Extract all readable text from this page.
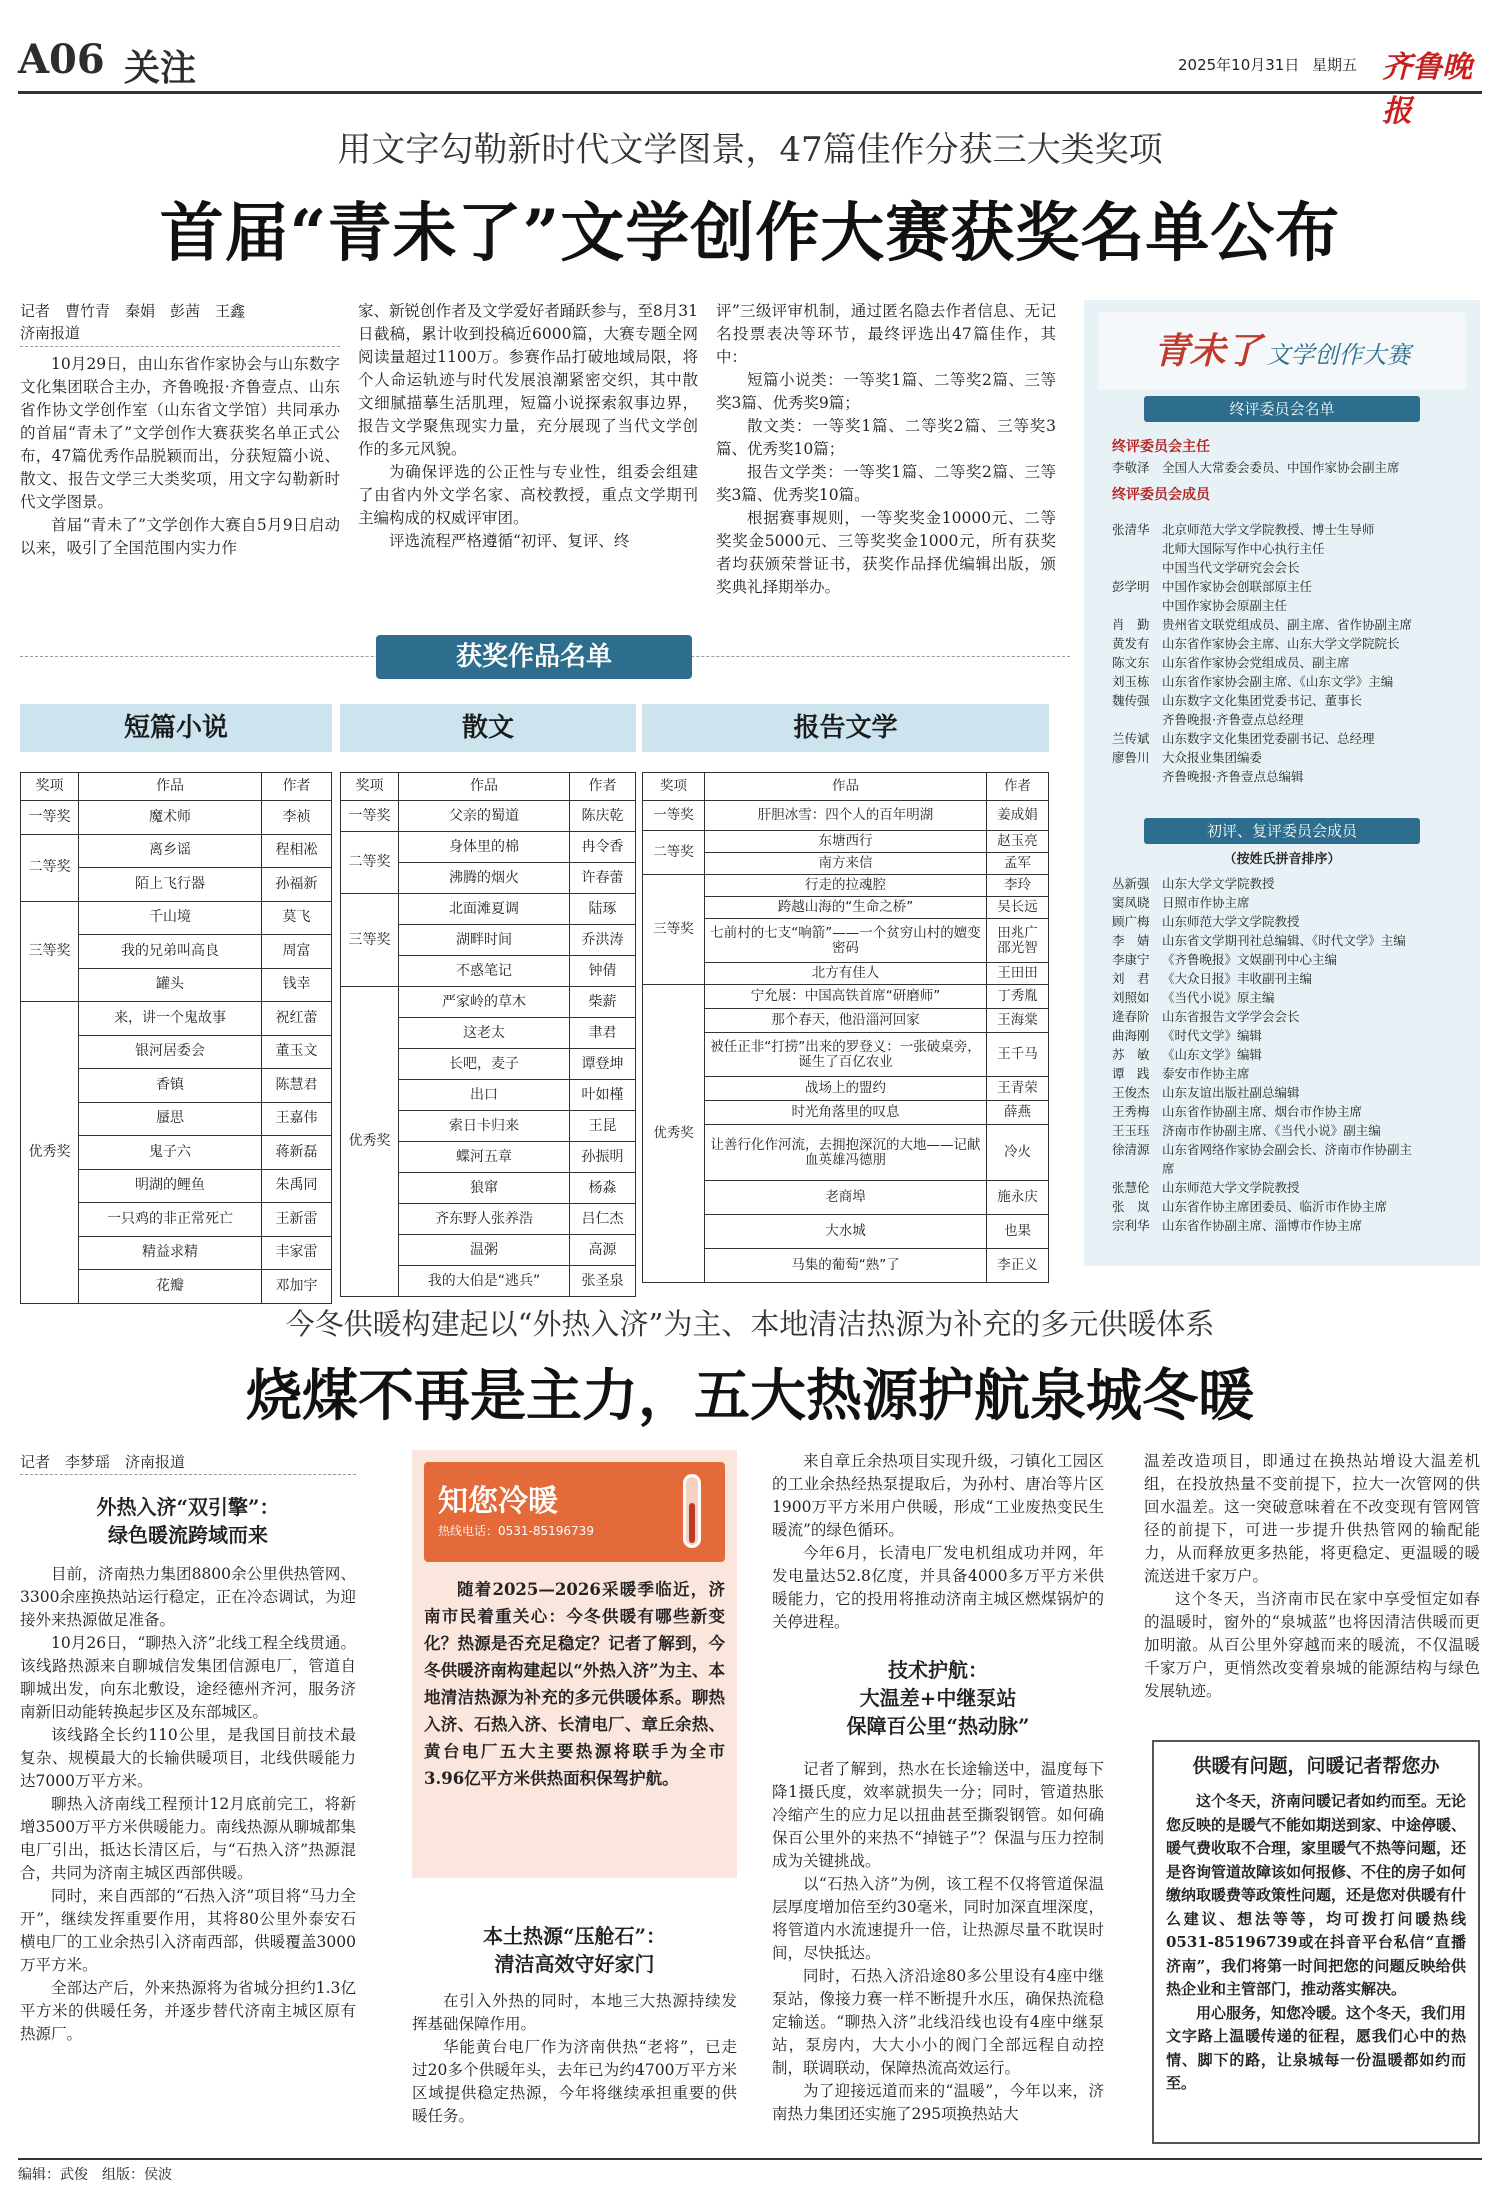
A06 关注	2025年10月31日 星期五 齐鲁晚报
用文字勾勒新时代文学图景，47篇佳作分获三大类奖项
首届“青未了”文学创作大赛获奖名单公布
记者　曹竹青　秦娟　彭茜　王鑫
济南报道

10月29日，由山东省作家协会与山东数字文化集团联合主办，齐鲁晚报·齐鲁壹点、山东省作协文学创作室（山东省文学馆）共同承办的首届“青未了”文学创作大赛获奖名单正式公布，47篇优秀作品脱颖而出，分获短篇小说、散文、报告文学三大类奖项，用文字勾勒新时代文学图景。

首届“青未了”文学创作大赛自5月9日启动以来，吸引了全国范围内实力作

家、新锐创作者及文学爱好者踊跃参与，至8月31日截稿，累计收到投稿近6000篇，大赛专题全网阅读量超过1100万。参赛作品打破地域局限，将个人命运轨迹与时代发展浪潮紧密交织，其中散文细腻描摹生活肌理，短篇小说探索叙事边界，报告文学聚焦现实力量，充分展现了当代文学创作的多元风貌。

为确保评选的公正性与专业性，组委会组建了由省内外文学名家、高校教授，重点文学期刊主编构成的权威评审团。

评选流程严格遵循“初评、复评、终

评”三级评审机制，通过匿名隐去作者信息、无记名投票表决等环节，最终评选出47篇佳作，其中：

短篇小说类：一等奖1篇、二等奖2篇、三等奖3篇、优秀奖9篇；

散文类：一等奖1篇、二等奖2篇、三等奖3篇、优秀奖10篇；

报告文学类：一等奖1篇、二等奖2篇、三等奖3篇、优秀奖10篇。

根据赛事规则，一等奖奖金10000元、二等奖奖金5000元、三等奖奖金1000元，所有获奖者均获颁荣誉证书，获奖作品择优编辑出版，颁奖典礼择期举办。

获奖作品名单
短篇小说	散文	报告文学
奖项	作品	作者
一等奖	魔术师	李祯
二等奖	离乡谣	程相凇
	陌上飞行器	孙福新
三等奖	千山境	莫飞
	我的兄弟叫高良	周富
	罐头	钱幸
优秀奖	来，讲一个鬼故事	祝红蕾
	银河居委会	董玉文
	香镇	陈慧君
	蜃思	王嘉伟
	鬼子六	蒋新磊
	明湖的鲤鱼	朱禹同
	一只鸡的非正常死亡	王新雷
	精益求精	丰家雷
	花瓣	邓加宇
奖项	作品	作者
一等奖	父亲的蜀道	陈庆乾
二等奖	身体里的棉	冉令香
	沸腾的烟火	许春蕾
三等奖	北面滩夏调	陆琢
	湖畔时间	乔洪涛
	不惑笔记	钟倩
优秀奖	严家岭的草木	柴薪
	这老太	聿君
	长吧，麦子	谭登坤
	出口	叶如槿
	索日卡归来	王昆
	蝶河五章	孙振明
	狼窜	杨淼
	齐东野人张养浩	吕仁杰
	温粥	高源
	我的大伯是“逃兵”	张圣泉
奖项	作品	作者
一等奖	肝胆冰雪：四个人的百年明湖	姜成娟
二等奖	东塘西行	赵玉亮
	南方来信	孟军
三等奖	行走的拉魂腔	李玲
	跨越山海的“生命之桥”	吴长远
	七前村的七支“响箭”——一个贫穷山村的嬗变密码	田兆广 邵光智
	北方有佳人	王田田
优秀奖	宁允展：中国高铁首席“研磨师”	丁秀胤
	那个春天，他沿淄河回家	王海棠
	被任正非“打捞”出来的罗登义：一张破桌旁，诞生了百亿农业	王千马
	战场上的盟约	王青荣
	时光角落里的叹息	薛燕
	让善行化作河流，去拥抱深沉的大地——记献血英雄冯德朋	冷火
	老商埠	施永庆
	大水城	也果
	马集的葡萄“熟”了	李正义
青未了 文学创作大赛
终评委员会名单
终评委员会主任
李敬泽 全国人大常委会委员、中国作家协会副主席
终评委员会成员
张清华 北京师范大学文学院教授、博士生导师
北师大国际写作中心执行主任
中国当代文学研究会会长
彭学明 中国作家协会创联部原主任
中国作家协会原副主任
肖　勤 贵州省文联党组成员、副主席、省作协副主席
黄发有 山东省作家协会主席、山东大学文学院院长
陈文东 山东省作家协会党组成员、副主席
刘玉栋 山东省作家协会副主席、《山东文学》主编
魏传强 山东数字文化集团党委书记、董事长
齐鲁晚报·齐鲁壹点总经理
兰传斌 山东数字文化集团党委副书记、总经理
廖鲁川 大众报业集团编委
齐鲁晚报·齐鲁壹点总编辑
初评、复评委员会成员
（按姓氏拼音排序）
丛新强 山东大学文学院教授
窦凤晓 日照市作协主席
顾广梅 山东师范大学文学院教授
李　婧 山东省文学期刊社总编辑、《时代文学》主编
李康宁 《齐鲁晚报》文娱副刊中心主编
刘　君 《大众日报》丰收副刊主编
刘照如 《当代小说》原主编
逄春阶 山东省报告文学学会会长
曲海刚 《时代文学》编辑
苏　敏 《山东文学》编辑
谭　践 泰安市作协主席
王俊杰 山东友谊出版社副总编辑
王秀梅 山东省作协副主席、烟台市作协主席
王玉珏 济南市作协副主席、《当代小说》副主编
徐清源 山东省网络作家协会副会长、济南市作协副主席
张慧伦 山东师范大学文学院教授
张　岚 山东省作协主席团委员、临沂市作协主席
宗利华 山东省作协副主席、淄博市作协主席
今冬供暖构建起以“外热入济”为主、本地清洁热源为补充的多元供暖体系
烧煤不再是主力，五大热源护航泉城冬暖
记者　李梦瑶　济南报道
外热入济“双引擎”：
绿色暖流跨域而来

目前，济南热力集团8800余公里供热管网、3300余座换热站运行稳定，正在冷态调试，为迎接外来热源做足准备。

10月26日，“聊热入济”北线工程全线贯通。该线路热源来自聊城信发集团信源电厂，管道自聊城出发，向东北敷设，途经德州齐河，服务济南新旧动能转换起步区及东部城区。

该线路全长约110公里，是我国目前技术最复杂、规模最大的长输供暖项目，北线供暖能力达7000万平方米。

聊热入济南线工程预计12月底前完工，将新增3500万平方米供暖能力。南线热源从聊城都集电厂引出，抵达长清区后，与“石热入济”热源混合，共同为济南主城区西部供暖。

同时，来自西部的“石热入济”项目将“马力全开”，继续发挥重要作用，其将80公里外泰安石横电厂的工业余热引入济南西部，供暖覆盖3000万平方米。

全部达产后，外来热源将为省城分担约1.3亿平方米的供暖任务，并逐步替代济南主城区原有热源厂。

知您冷暖
热线电话：0531-85196739

随着2025—2026采暖季临近，济南市民着重关心：今冬供暖有哪些新变化？热源是否充足稳定？记者了解到，今冬供暖济南构建起以“外热入济”为主、本地清洁热源为补充的多元供暖体系。聊热入济、石热入济、长清电厂、章丘余热、黄台电厂五大主要热源将联手为全市3.96亿平方米供热面积保驾护航。

本土热源“压舱石”：
清洁高效守好家门

在引入外热的同时，本地三大热源持续发挥基础保障作用。

华能黄台电厂作为济南供热“老将”，已走过20多个供暖年头，去年已为约4700万平方米区域提供稳定热源，今年将继续承担重要的供暖任务。

来自章丘余热项目实现升级，刁镇化工园区的工业余热经热泵提取后，为孙村、唐冶等片区1900万平方米用户供暖，形成“工业废热变民生暖流”的绿色循环。

今年6月，长清电厂发电机组成功并网，年发电量达52.8亿度，并具备4000多万平方米供暖能力，它的投用将推动济南主城区燃煤锅炉的关停进程。

技术护航：
大温差+中继泵站
保障百公里“热动脉”

记者了解到，热水在长途输送中，温度每下降1摄氏度，效率就损失一分；同时，管道热胀冷缩产生的应力足以扭曲甚至撕裂钢管。如何确保百公里外的来热不“掉链子”？保温与压力控制成为关键挑战。

以“石热入济”为例，该工程不仅将管道保温层厚度增加倍至约30毫米，同时加深直埋深度，将管道内水流速提升一倍，让热源尽量不耽误时间，尽快抵达。

同时，石热入济沿途80多公里设有4座中继泵站，像接力赛一样不断提升水压，确保热流稳定输送。“聊热入济”北线沿线也设有4座中继泵站，泵房内，大大小小的阀门全部远程自动控制，联调联动，保障热流高效运行。

为了迎接远道而来的“温暖”，今年以来，济南热力集团还实施了295项换热站大

温差改造项目，即通过在换热站增设大温差机组，在投放热量不变前提下，拉大一次管网的供回水温差。这一突破意味着在不改变现有管网管径的前提下，可进一步提升供热管网的输配能力，从而释放更多热能，将更稳定、更温暖的暖流送进千家万户。

这个冬天，当济南市民在家中享受恒定如春的温暖时，窗外的“泉城蓝”也将因清洁供暖而更加明澈。从百公里外穿越而来的暖流，不仅温暖千家万户，更悄然改变着泉城的能源结构与绿色发展轨迹。

供暖有问题，问暖记者帮您办

这个冬天，济南问暖记者如约而至。无论您反映的是暖气不能如期送到家、中途停暖、暖气费收取不合理，家里暖气不热等问题，还是咨询管道故障该如何报修、不住的房子如何缴纳取暖费等政策性问题，还是您对供暖有什么建议、想法等等，均可拨打问暖热线0531-85196739或在抖音平台私信“直播济南”，我们将第一时间把您的问题反映给供热企业和主管部门，推动落实解决。

用心服务，知您冷暖。这个冬天，我们用文字路上温暖传递的征程，愿我们心中的热情、脚下的路，让泉城每一份温暖都如约而至。

编辑：武俊　组版：侯波
